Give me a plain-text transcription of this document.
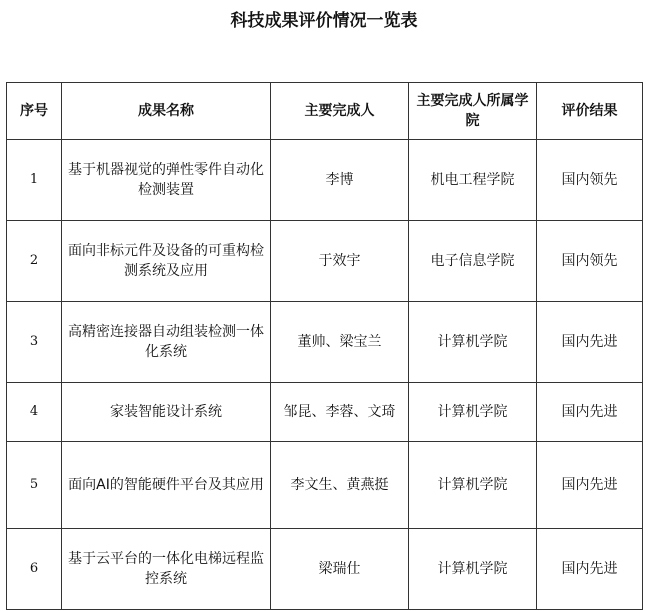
科技成果评价情况一览表
序号	成果名称	主要完成人	主要完成人所属学院	评价结果
1	基于机器视觉的弹性零件自动化检测装置	李博	机电工程学院	国内领先
2	面向非标元件及设备的可重构检测系统及应用	于效宇	电子信息学院	国内领先
3	高精密连接器自动组装检测一体化系统	董帅、梁宝兰	计算机学院	国内先进
4	家装智能设计系统	邹昆、李蓉、文琦	计算机学院	国内先进
5	面向AI的智能硬件平台及其应用	李文生、黄燕挺	计算机学院	国内先进
6	基于云平台的一体化电梯远程监控系统	梁瑞仕	计算机学院	国内先进
